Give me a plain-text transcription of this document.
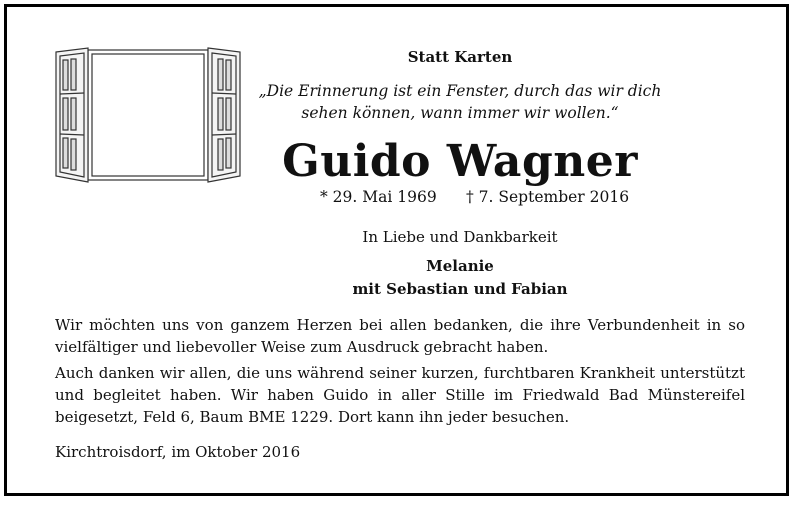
Statt Karten
„Die Erinnerung ist ein Fenster, durch das wir dich
sehen können, wann immer wir wollen.“
Guido Wagner
* 29. Mai 1969 † 7. September 2016
In Liebe und Dankbarkeit
Melanie
mit Sebastian und Fabian
Wir möchten uns von ganzem Herzen bei allen bedanken, die ihre Verbundenheit in so vielfältiger und liebevoller Weise zum Ausdruck gebracht haben.
Auch danken wir allen, die uns während seiner kurzen, furchtbaren Krankheit unterstützt und begleitet haben. Wir haben Guido in aller Stille im Friedwald Bad Münstereifel beigesetzt, Feld 6, Baum BME 1229. Dort kann ihn jeder besuchen.
Kirchtroisdorf, im Oktober 2016
